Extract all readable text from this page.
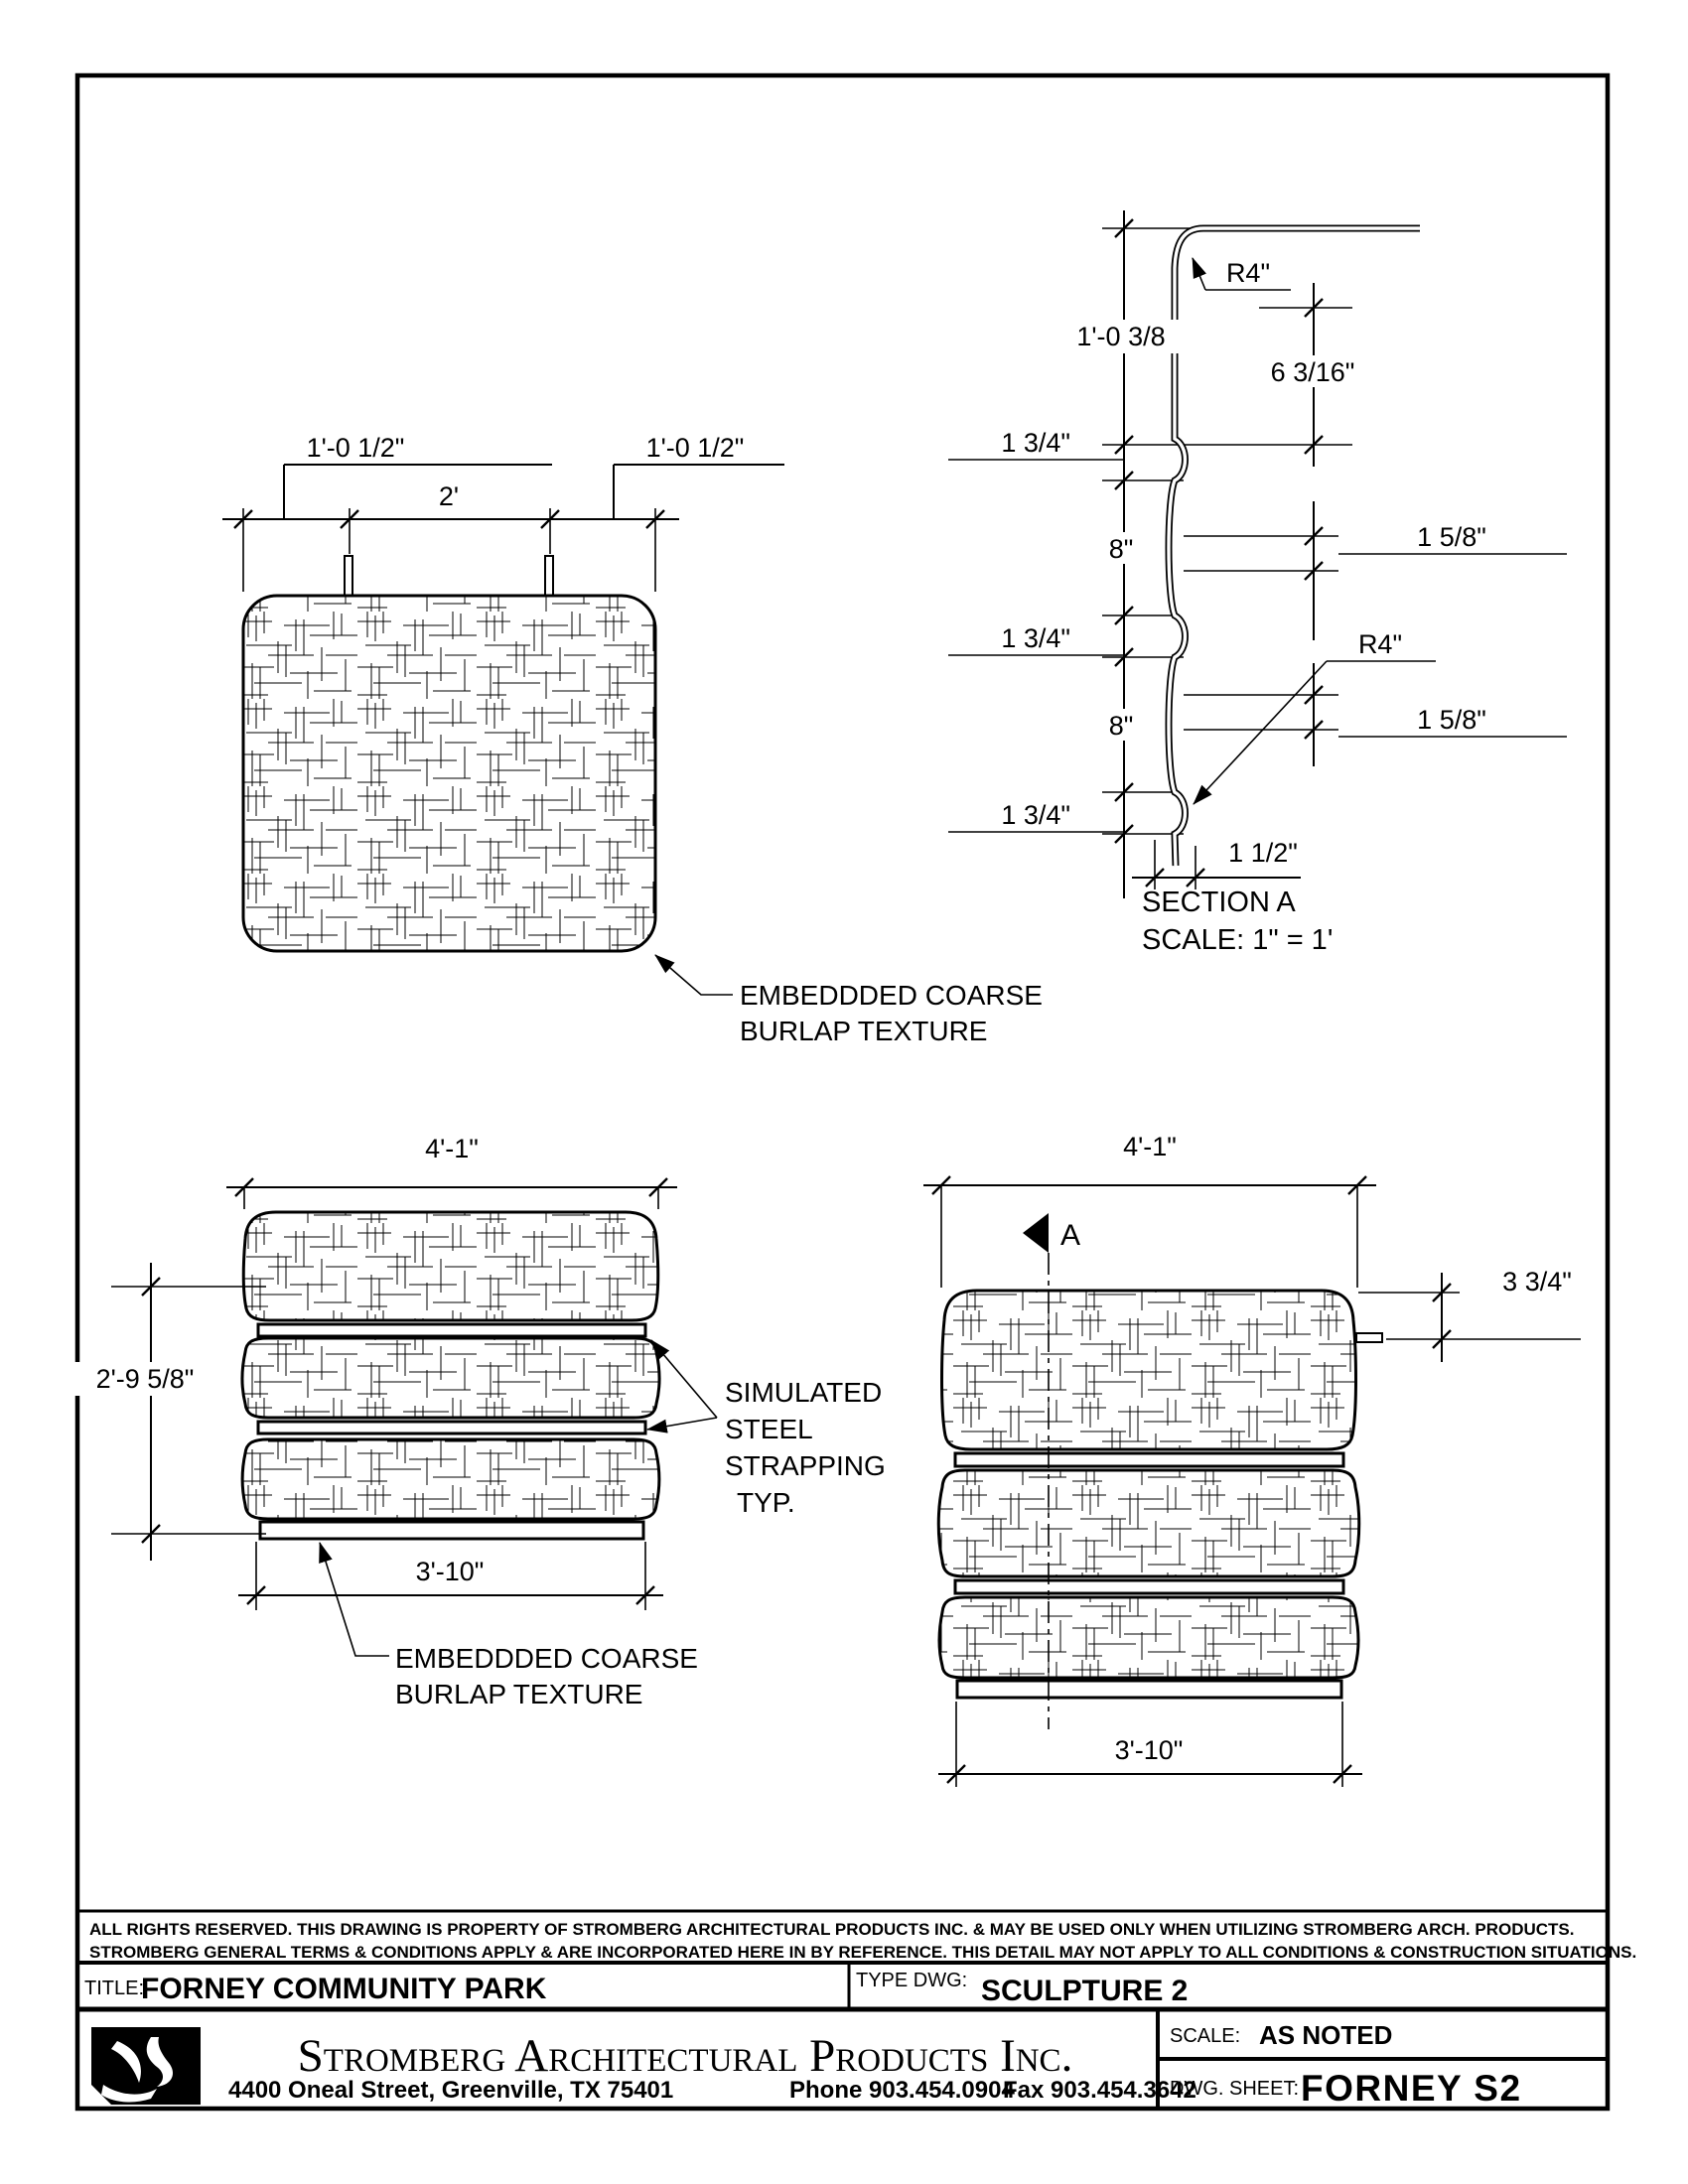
1'-0 1/2"	1'-0 1/2"
2'
EMBEDDDED COARSE
BURLAP TEXTURE
1'-0 3/8
6 3/16"
1 3/4"
8"
1 3/4"
8"
1 3/4"
R4"
R4"
1 5/8"
1 5/8"
1 1/2"
SECTION A
SCALE: 1" = 1'
4'-1"
2'-9 5/8"
3'-10"
SIMULATED
STEEL
STRAPPING
TYP.
EMBEDDDED COARSE
BURLAP TEXTURE
4'-1"
3 3/4"
3'-10"
A
ALL RIGHTS RESERVED. THIS DRAWING IS PROPERTY OF STROMBERG ARCHITECTURAL PRODUCTS INC. & MAY BE USED ONLY WHEN UTILIZING STROMBERG ARCH. PRODUCTS.
STROMBERG GENERAL TERMS & CONDITIONS APPLY & ARE INCORPORATED HERE IN BY REFERENCE. THIS DETAIL MAY NOT APPLY TO ALL CONDITIONS & CONSTRUCTION SITUATIONS.
TITLE:
FORNEY COMMUNITY PARK	TYPE DWG: SCULPTURE 2
Stromberg Architectural Products Inc.
4400 Oneal Street, Greenville, TX 75401	Phone 903.454.0904
Fax 903.454.3642
SCALE: AS NOTED
DWG. SHEET: FORNEY S2
